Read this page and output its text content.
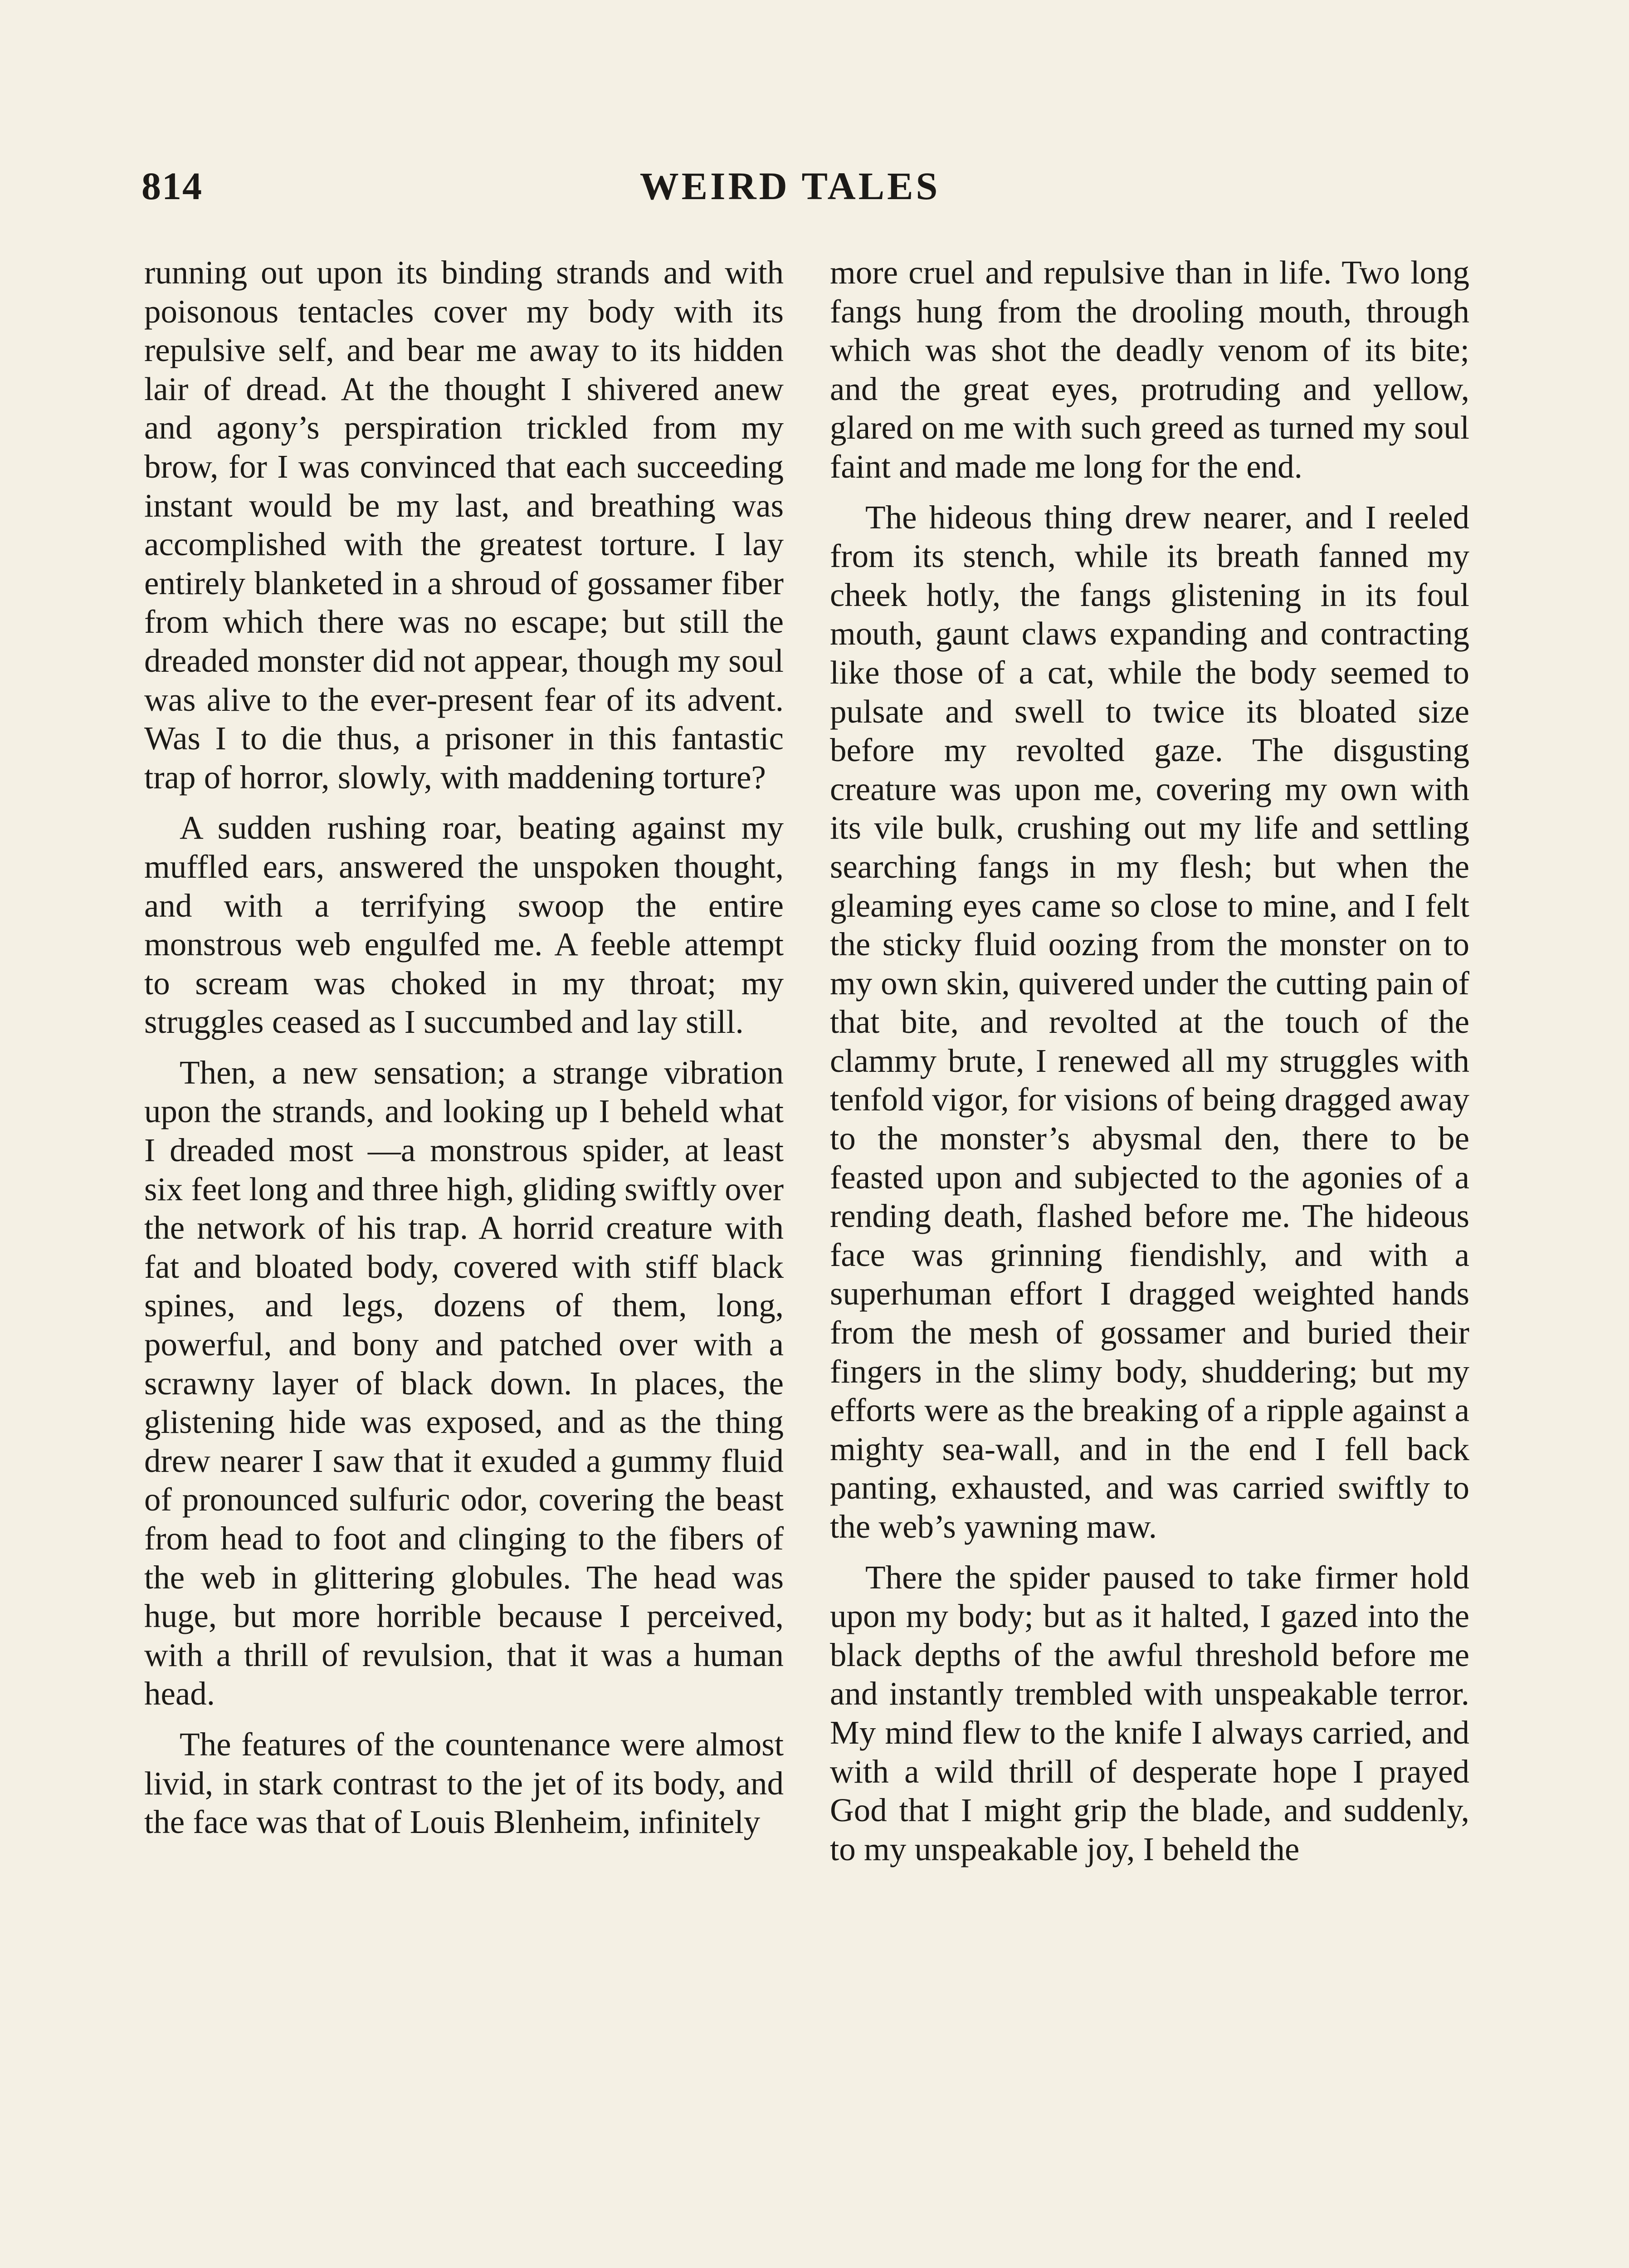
814	WEIRD TALES

running out upon its binding strands and with poisonous tentacles cover my body with its repulsive self, and bear me away to its hidden lair of dread. At the thought I shivered anew and agony’s perspiration trickled from my brow, for I was convinced that each succeeding instant would be my last, and breathing was accomplished with the greatest torture. I lay entirely blanketed in a shroud of gossamer fiber from which there was no escape; but still the dreaded monster did not appear, though my soul was alive to the ever-present fear of its advent. Was I to die thus, a prisoner in this fantastic trap of horror, slowly, with maddening torture?

A sudden rushing roar, beating against my muffled ears, answered the unspoken thought, and with a terrifying swoop the entire monstrous web engulfed me. A feeble attempt to scream was choked in my throat; my struggles ceased as I succumbed and lay still.

Then, a new sensation; a strange vibration upon the strands, and looking up I beheld what I dreaded most —a monstrous spider, at least six feet long and three high, gliding swiftly over the network of his trap. A horrid creature with fat and bloated body, covered with stiff black spines, and legs, dozens of them, long, powerful, and bony and patched over with a scrawny layer of black down. In places, the glistening hide was exposed, and as the thing drew nearer I saw that it exuded a gummy fluid of pronounced sulfuric odor, covering the beast from head to foot and clinging to the fibers of the web in glittering globules. The head was huge, but more horrible because I perceived, with a thrill of revulsion, that it was a human head.

The features of the countenance were almost livid, in stark contrast to the jet of its body, and the face was that of Louis Blenheim, infinitely

more cruel and repulsive than in life. Two long fangs hung from the drooling mouth, through which was shot the deadly venom of its bite; and the great eyes, protruding and yellow, glared on me with such greed as turned my soul faint and made me long for the end.

The hideous thing drew nearer, and I reeled from its stench, while its breath fanned my cheek hotly, the fangs glistening in its foul mouth, gaunt claws expanding and contracting like those of a cat, while the body seemed to pulsate and swell to twice its bloated size before my revolted gaze. The disgusting creature was upon me, covering my own with its vile bulk, crushing out my life and settling searching fangs in my flesh; but when the gleaming eyes came so close to mine, and I felt the sticky fluid oozing from the monster on to my own skin, quivered under the cutting pain of that bite, and revolted at the touch of the clammy brute, I renewed all my struggles with tenfold vigor, for visions of being dragged away to the monster’s abysmal den, there to be feasted upon and subjected to the agonies of a rending death, flashed before me. The hideous face was grinning fiendishly, and with a superhuman effort I dragged weighted hands from the mesh of gossamer and buried their fingers in the slimy body, shuddering; but my efforts were as the breaking of a ripple against a mighty sea-wall, and in the end I fell back panting, exhausted, and was carried swiftly to the web’s yawning maw.

There the spider paused to take firmer hold upon my body; but as it halted, I gazed into the black depths of the awful threshold before me and instantly trembled with unspeakable terror. My mind flew to the knife I always carried, and with a wild thrill of desperate hope I prayed God that I might grip the blade, and suddenly, to my unspeakable joy, I beheld the
